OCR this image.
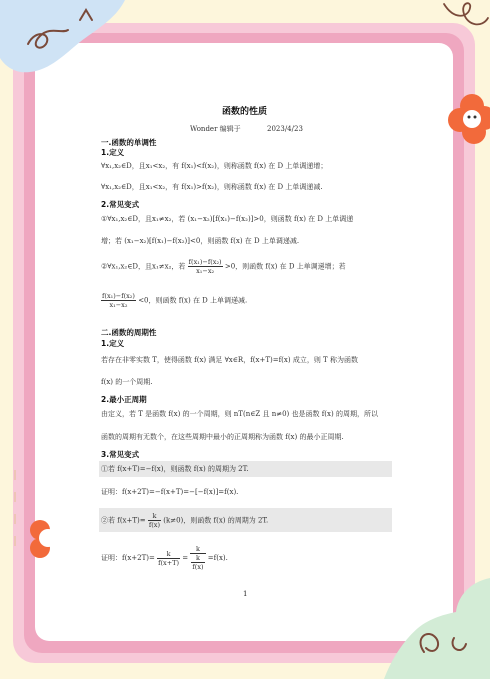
函数的性质
Wonder 编辑于	2023/4/23
一.函数的单调性
1.定义
∀x₁,x₂∈D，且x₁<x₂，有 f(x₁)<f(x₂)，则称函数 f(x) 在 D 上单调递增；
∀x₁,x₂∈D，且x₁<x₂，有 f(x₁)>f(x₂)，则称函数 f(x) 在 D 上单调递减.
2.常见变式
①∀x₁,x₂∈D，且x₁≠x₂，若 (x₁−x₂)[f(x₁)−f(x₂)]>0，则函数 f(x) 在 D 上单调递
增；若 (x₁−x₂)[f(x₁)−f(x₂)]<0，则函数 f(x) 在 D 上单调递减.
②∀x₁,x₂∈D，且x₁≠x₂，若 $\frac{\text{f(x₁)−f(x₂)}}{\text{x₁−x₂}} >0$，则函数 f(x) 在 D 上单调递增；若
$\frac{\text{f(x₁)−f(x₂)}}{\text{x₁−x₂}} <0$，则函数 f(x) 在 D 上单调递减.
二.函数的周期性
1.定义
若存在非零实数 T，使得函数 f(x) 满足 ∀x∈R，f(x+T)=f(x) 成立，则 T 称为函数
f(x) 的一个周期.
2.最小正周期
由定义，若 T 是函数 f(x) 的一个周期，则 nT(n∈Z 且 n≠0) 也是函数 f(x) 的周期，所以
函数的周期有无数个，在这些周期中最小的正周期称为函数 f(x) 的最小正周期.
3.常见变式
①若 f(x+T)=−f(x)，则函数 f(x) 的周期为 2T.
证明：f(x+2T)=−f(x+T)=−[−f(x)]=f(x).
②若 $f(x+T)= \frac{k}{f(x)} (k\ne 0)$，则函数 f(x) 的周期为 2T.
证明：$f(x+2T)= \frac{k}{f(x+T)} = \frac{k}{\frac{k}{f(x)}} =f(x)$.
1
